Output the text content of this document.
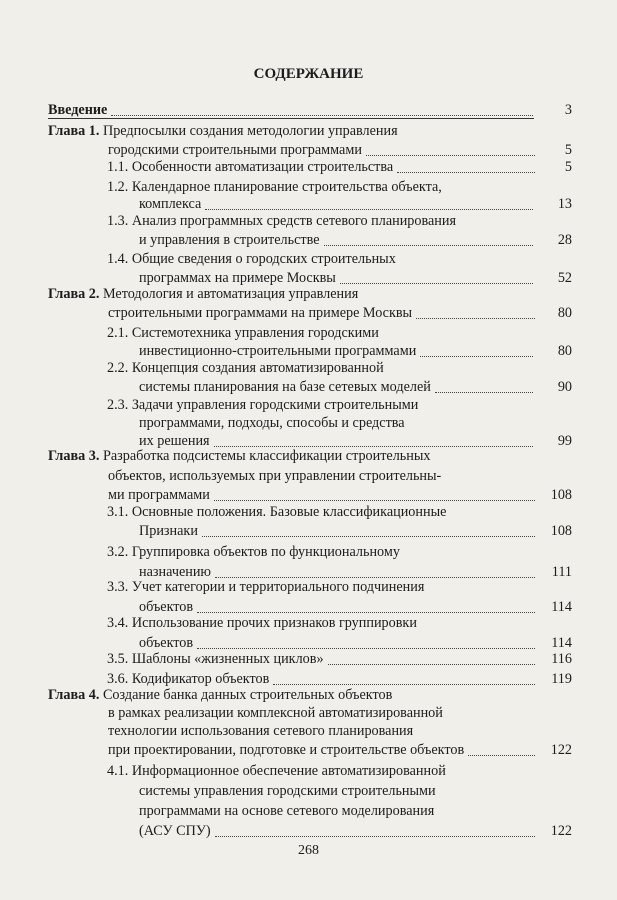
СОДЕРЖАНИЕ
Введение	3
Глава 1. Предпосылки создания методологии управления
городскими строительными программами	5
1.1. Особенности автоматизации строительства	5
1.2. Календарное планирование строительства объекта,
комплекса	13
1.3. Анализ программных средств сетевого планирования
и управления в строительстве	28
1.4. Общие сведения о городских строительных
программах на примере Москвы	52
Глава 2. Методология и автоматизация управления
строительными программами на примере Москвы	80
2.1. Системотехника управления городскими
инвестиционно-строительными программами	80
2.2. Концепция создания автоматизированной
системы планирования на базе сетевых моделей	90
2.3. Задачи управления городскими строительными
программами, подходы, способы и средства
их решения	99
Глава 3. Разработка подсистемы классификации строительных
объектов, используемых при управлении строительны-
ми программами	108
3.1. Основные положения. Базовые классификационные
Признаки	108
3.2. Группировка объектов по функциональному
назначению	111
3.3. Учет категории и территориального подчинения
объектов	114
3.4. Использование прочих признаков группировки
объектов	114
3.5. Шаблоны «жизненных циклов»	116
3.6. Кодификатор объектов	119
Глава 4. Создание банка данных строительных объектов
в рамках реализации комплексной автоматизированной
технологии использования сетевого планирования
при проектировании, подготовке и строительстве объектов	122
4.1. Информационное обеспечение автоматизированной
системы управления городскими строительными
программами на основе сетевого моделирования
(АСУ СПУ)	122
268
